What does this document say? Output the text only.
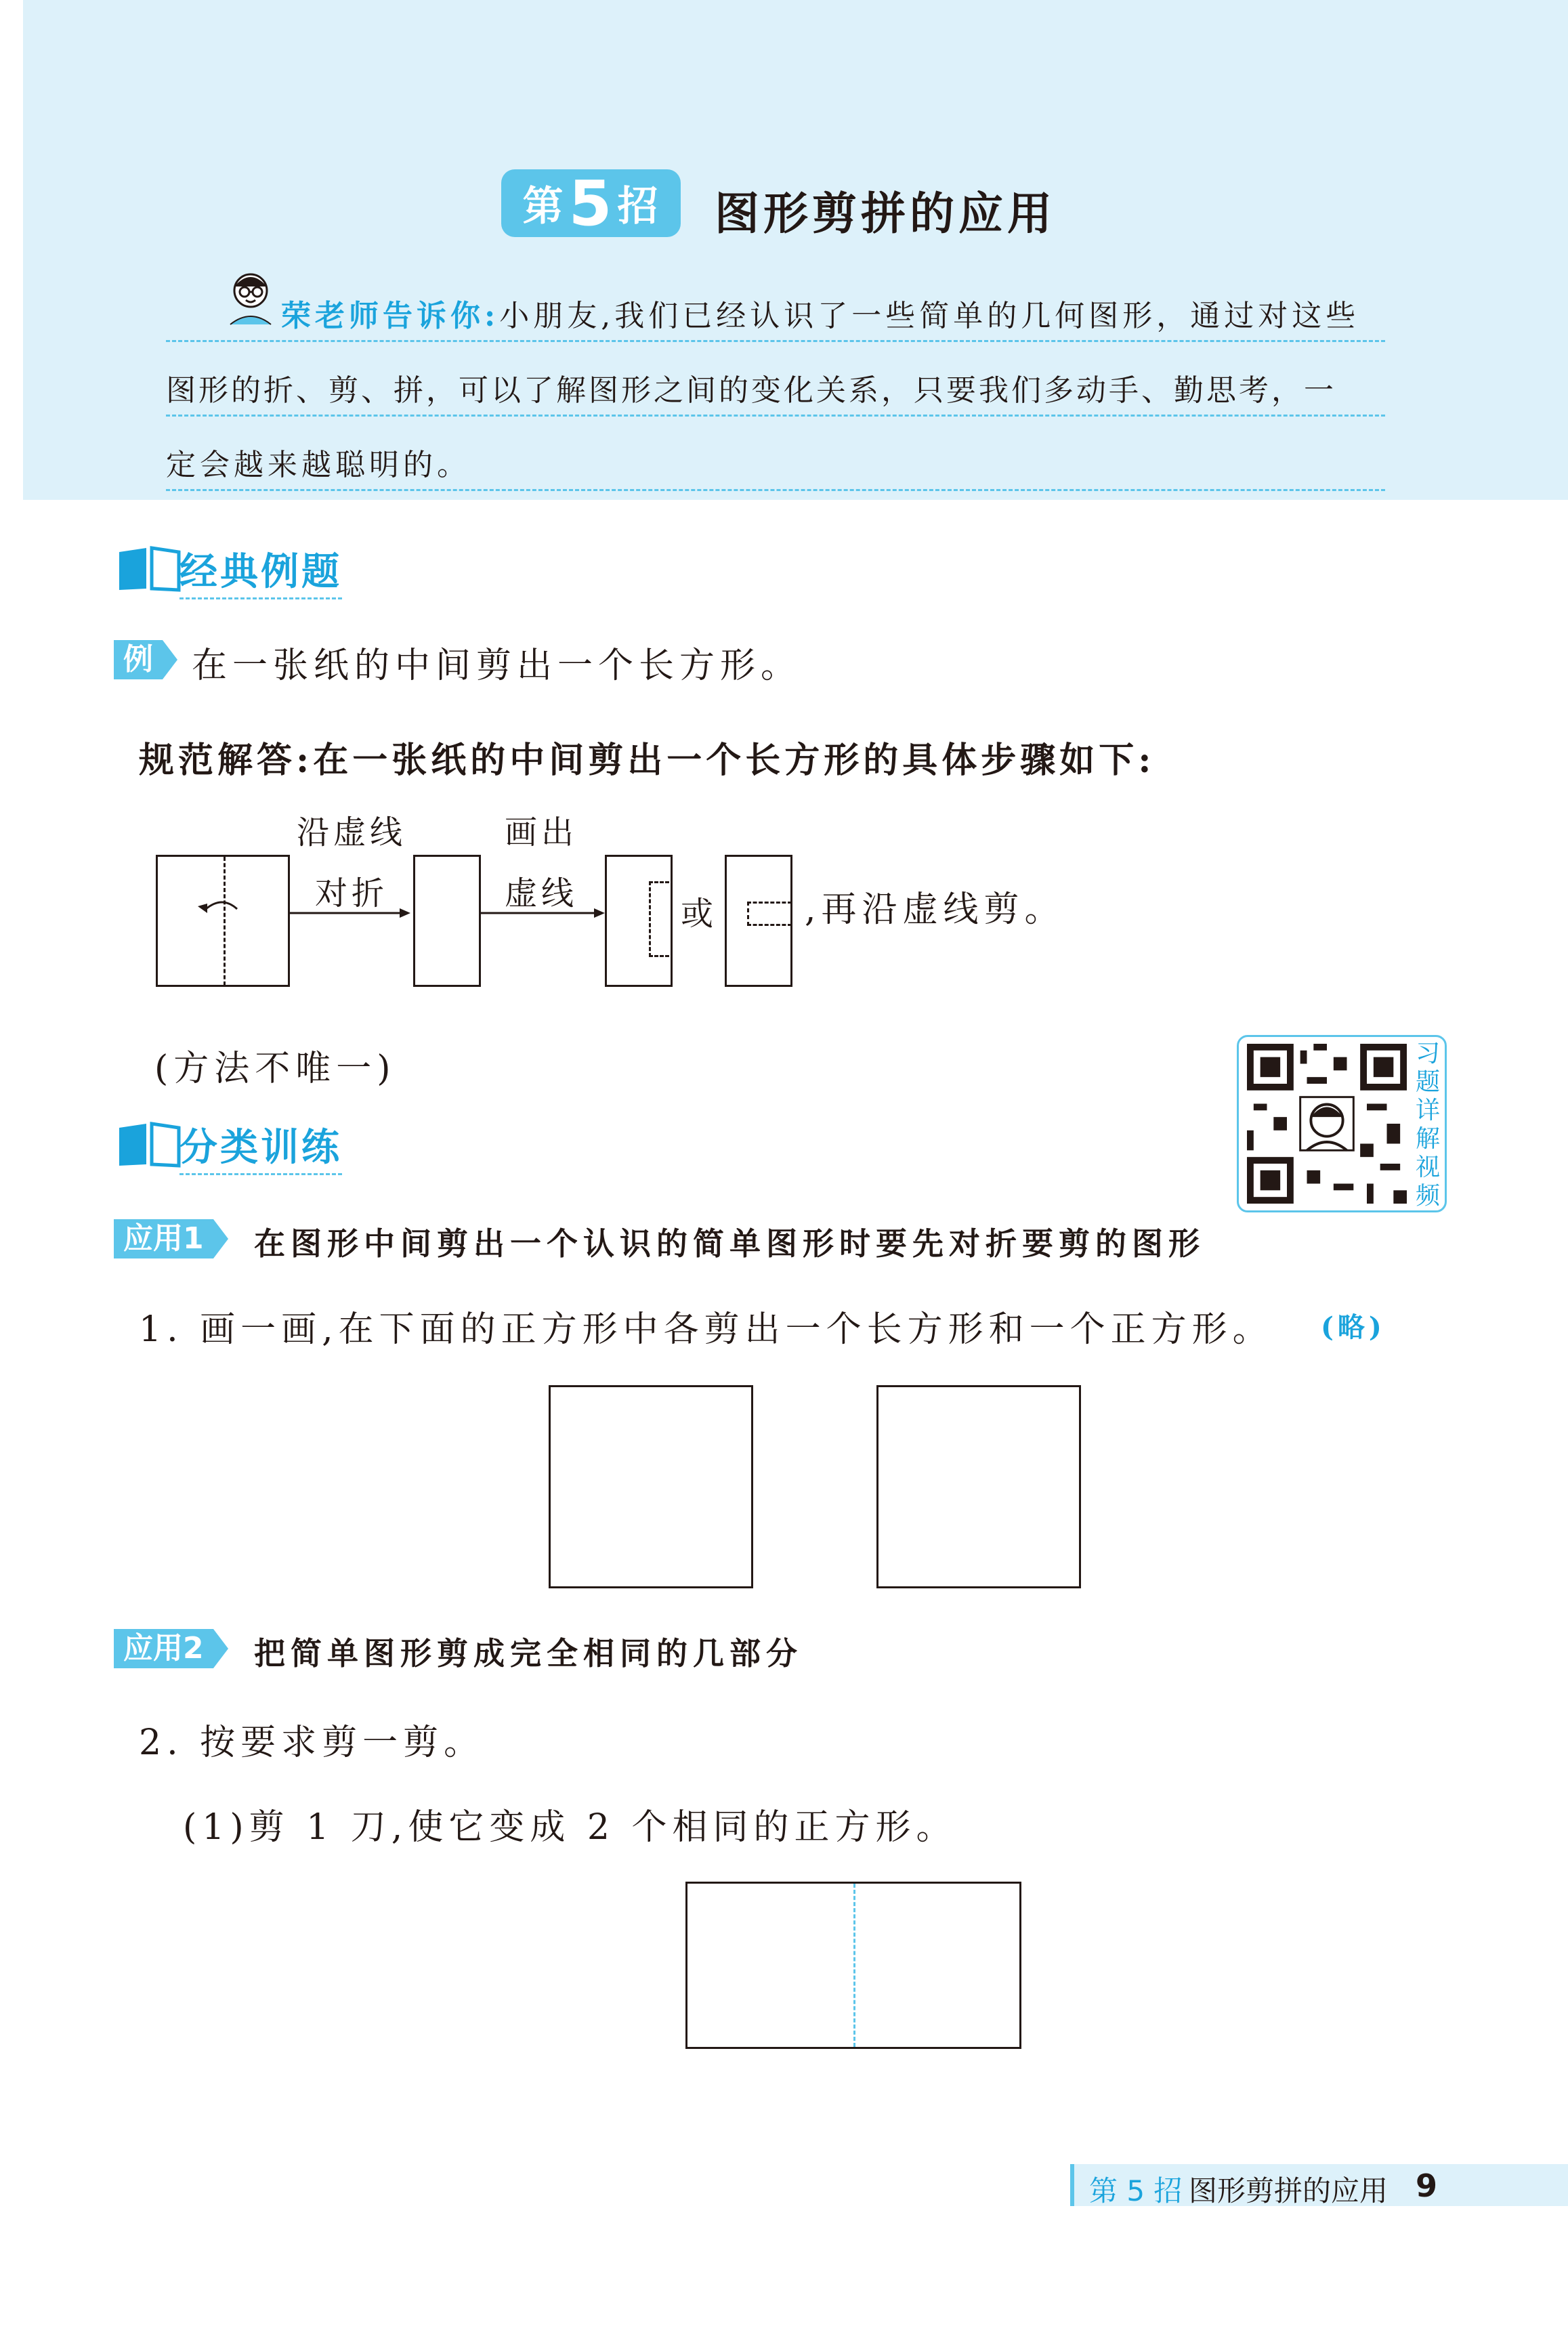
第 5 招 图形剪拼的应用
荣老师告诉你:小朋友,我们已经认识了一些简单的几何图形，通过对这些
图形的折、剪、拼，可以了解图形之间的变化关系，只要我们多动手、勤思考，一
定会越来越聪明的。
经典例题
例 在一张纸的中间剪出一个长方形。
规范解答:在一张纸的中间剪出一个长方形的具体步骤如下:
沿虚线
对折
画出
虚线
或 ,再沿虚线剪。
(方法不唯一)	习
题
详
解
视
频
分类训练
应用1	在图形中间剪出一个认识的简单图形时要先对折要剪的图形
1. 画一画,在下面的正方形中各剪出一个长方形和一个正方形。 (略)
应用2	把简单图形剪成完全相同的几部分
2. 按要求剪一剪。
(1)剪 1 刀,使它变成 2 个相同的正方形。
第 5 招 图形剪拼的应用 9
